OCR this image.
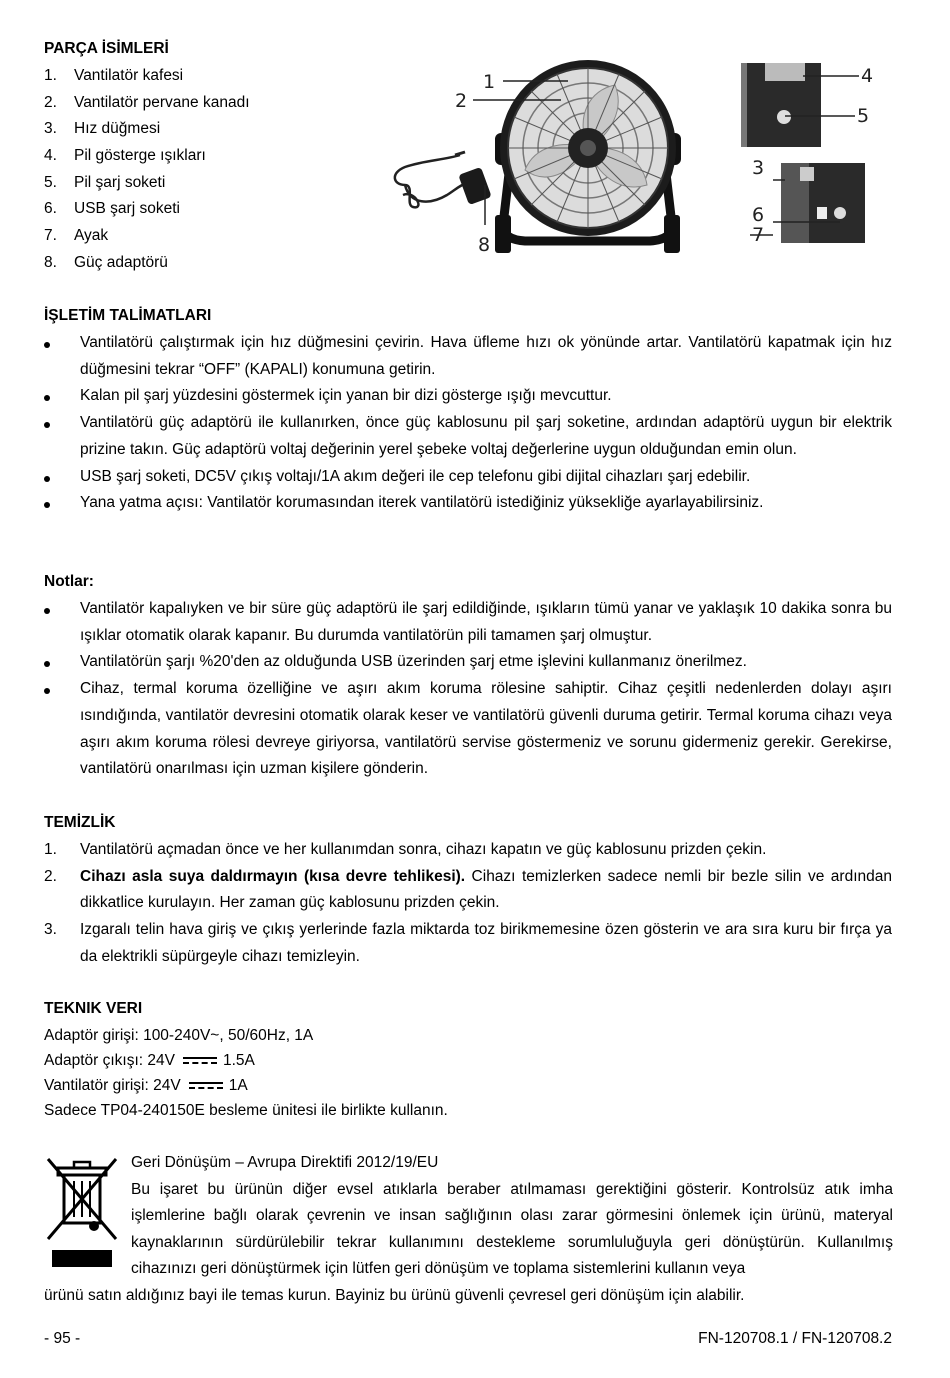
PARÇA İSİMLERİ
1. Vantilatör kafesi
2. Vantilatör pervane kanadı
3. Hız düğmesi
4. Pil gösterge ışıkları
5. Pil şarj soketi
6. USB şarj soketi
7. Ayak
8. Güç adaptörü
1
2
3
4
5
6
7
8
İŞLETİM TALİMATLARI
Vantilatörü çalıştırmak için hız düğmesini çevirin. Hava üfleme hızı ok yönünde artar. Vantilatörü kapatmak için hız düğmesini tekrar “OFF” (KAPALI) konumuna getirin.
Kalan pil şarj yüzdesini göstermek için yanan bir dizi gösterge ışığı mevcuttur.
Vantilatörü güç adaptörü ile kullanırken, önce güç kablosunu pil şarj soketine, ardından adaptörü uygun bir elektrik prizine takın. Güç adaptörü voltaj değerinin yerel şebeke voltaj değerlerine uygun olduğundan emin olun.
USB şarj soketi, DC5V çıkış voltajı/1A akım değeri ile cep telefonu gibi dijital cihazları şarj edebilir.
Yana yatma açısı: Vantilatör korumasından iterek vantilatörü istediğiniz yüksekliğe ayarlayabilirsiniz.
Notlar:
Vantilatör kapalıyken ve bir süre güç adaptörü ile şarj edildiğinde, ışıkların tümü yanar ve yaklaşık 10 dakika sonra bu ışıklar otomatik olarak kapanır. Bu durumda vantilatörün pili tamamen şarj olmuştur.
Vantilatörün şarjı %20'den az olduğunda USB üzerinden şarj etme işlevini kullanmanız önerilmez.
Cihaz, termal koruma özelliğine ve aşırı akım koruma rölesine sahiptir. Cihaz çeşitli nedenlerden dolayı aşırı ısındığında, vantilatör devresini otomatik olarak keser ve vantilatörü güvenli duruma getirir. Termal koruma cihazı veya aşırı akım koruma rölesi devreye giriyorsa, vantilatörü servise göstermeniz ve sorunu gidermeniz gerekir. Gerekirse, vantilatörü onarılması için uzman kişilere gönderin.
TEMİZLİK
1. Vantilatörü açmadan önce ve her kullanımdan sonra, cihazı kapatın ve güç kablosunu prizden çekin.
2. Cihazı asla suya daldırmayın (kısa devre tehlikesi). Cihazı temizlerken sadece nemli bir bezle silin ve ardından dikkatlice kurulayın. Her zaman güç kablosunu prizden çekin.
3. Izgaralı telin hava giriş ve çıkış yerlerinde fazla miktarda toz birikmemesine özen gösterin ve ara sıra kuru bir fırça ya da elektrikli süpürgeyle cihazı temizleyin.
TEKNIK VERI
Adaptör girişi: 100-240V~, 50/60Hz, 1A
Adaptör çıkışı: 24V	1.5A
Vantilatör girişi: 24V	1A
Sadece TP04-240150E besleme ünitesi ile birlikte kullanın.

Geri Dönüşüm – Avrupa Direktifi 2012/19/EU

Bu işaret bu ürünün diğer evsel atıklarla beraber atılmaması gerektiğini gösterir. Kontrolsüz atık imha işlemlerine bağlı olarak çevrenin ve insan sağlığının olası zarar görmesini önlemek için ürünü, materyal kaynaklarının sürdürülebilir tekrar kullanımını destekleme sorumluluğuyla geri dönüştürün. Kullanılmış cihazınızı geri dönüştürmek için lütfen geri dönüşüm ve toplama sistemlerini kullanın veya

ürünü satın aldığınız bayi ile temas kurun. Bayiniz bu ürünü güvenli çevresel geri dönüşüm için alabilir.
- 95 -	FN-120708.1 / FN-120708.2
